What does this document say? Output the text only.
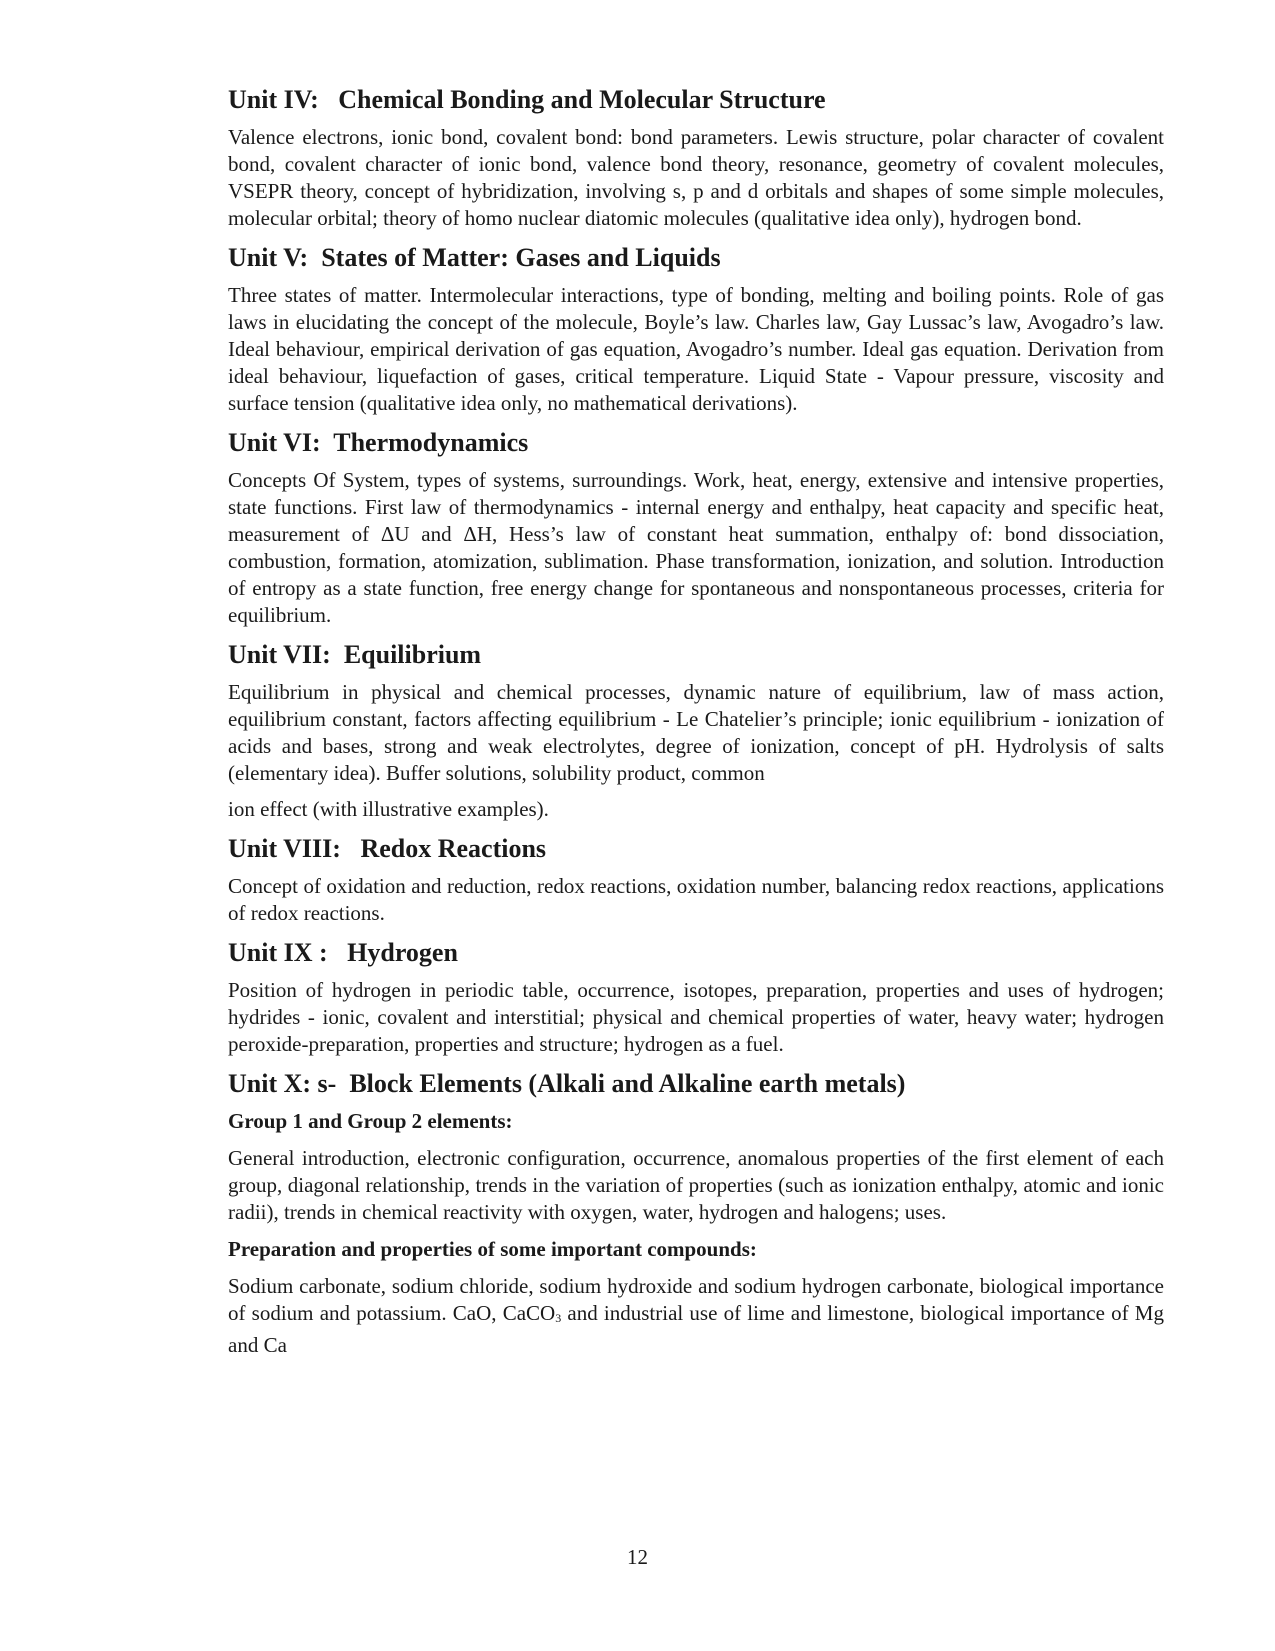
Unit IV:   Chemical Bonding and Molecular Structure
Valence electrons, ionic bond, covalent bond: bond parameters. Lewis structure, polar character of covalent bond, covalent character of ionic bond, valence bond theory, resonance, geometry of covalent molecules, VSEPR theory, concept of hybridization, involving s, p and d orbitals and shapes of some simple molecules, molecular orbital; theory of homo nuclear diatomic molecules (qualitative idea only), hydrogen bond.
Unit V:  States of Matter: Gases and Liquids
Three states of matter. Intermolecular interactions, type of bonding, melting and boiling points. Role of gas laws in elucidating the concept of the molecule, Boyle’s law. Charles law, Gay Lussac’s law, Avogadro’s law. Ideal behaviour, empirical derivation of gas equation, Avogadro’s number. Ideal gas equation. Derivation from ideal behaviour, liquefaction of gases, critical temperature. Liquid State - Vapour pressure, viscosity and surface tension (qualitative idea only, no mathematical derivations).
Unit VI:  Thermodynamics
Concepts Of System, types of systems, surroundings. Work, heat, energy, extensive and intensive properties, state functions. First law of thermodynamics - internal energy and enthalpy, heat capacity and specific heat, measurement of ΔU and ΔH, Hess’s law of constant heat summation, enthalpy of: bond dissociation, combustion, formation, atomization, sublimation. Phase transformation, ionization, and solution. Introduction of entropy as a state function, free energy change for spontaneous and nonspontaneous processes, criteria for equilibrium.
Unit VII:  Equilibrium
Equilibrium in physical and chemical processes, dynamic nature of equilibrium, law of mass action, equilibrium constant, factors affecting equilibrium - Le Chatelier’s principle; ionic equilibrium - ionization of acids and bases, strong and weak electrolytes, degree of ionization, concept of pH. Hydrolysis of salts (elementary idea). Buffer solutions, solubility product, common
ion effect (with illustrative examples).
Unit VIII:   Redox Reactions
Concept of oxidation and reduction, redox reactions, oxidation number, balancing redox reactions, applications of redox reactions.
Unit IX :   Hydrogen
Position of hydrogen in periodic table, occurrence, isotopes, preparation, properties and uses of hydrogen; hydrides - ionic, covalent and interstitial; physical and chemical properties of water, heavy water; hydrogen peroxide-preparation, properties and structure; hydrogen as a fuel.
Unit X: s-  Block Elements (Alkali and Alkaline earth metals)
Group 1 and Group 2 elements:
General introduction, electronic configuration, occurrence, anomalous properties of the first element of each group, diagonal relationship, trends in the variation of properties (such as ionization enthalpy, atomic and ionic radii), trends in chemical reactivity with oxygen, water, hydrogen and halogens; uses.
Preparation and properties of some important compounds:
Sodium carbonate, sodium chloride, sodium hydroxide and sodium hydrogen carbonate, biological importance of sodium and potassium. CaO, CaCO$_3$ and industrial use of lime and limestone, biological importance of Mg and Ca
12
